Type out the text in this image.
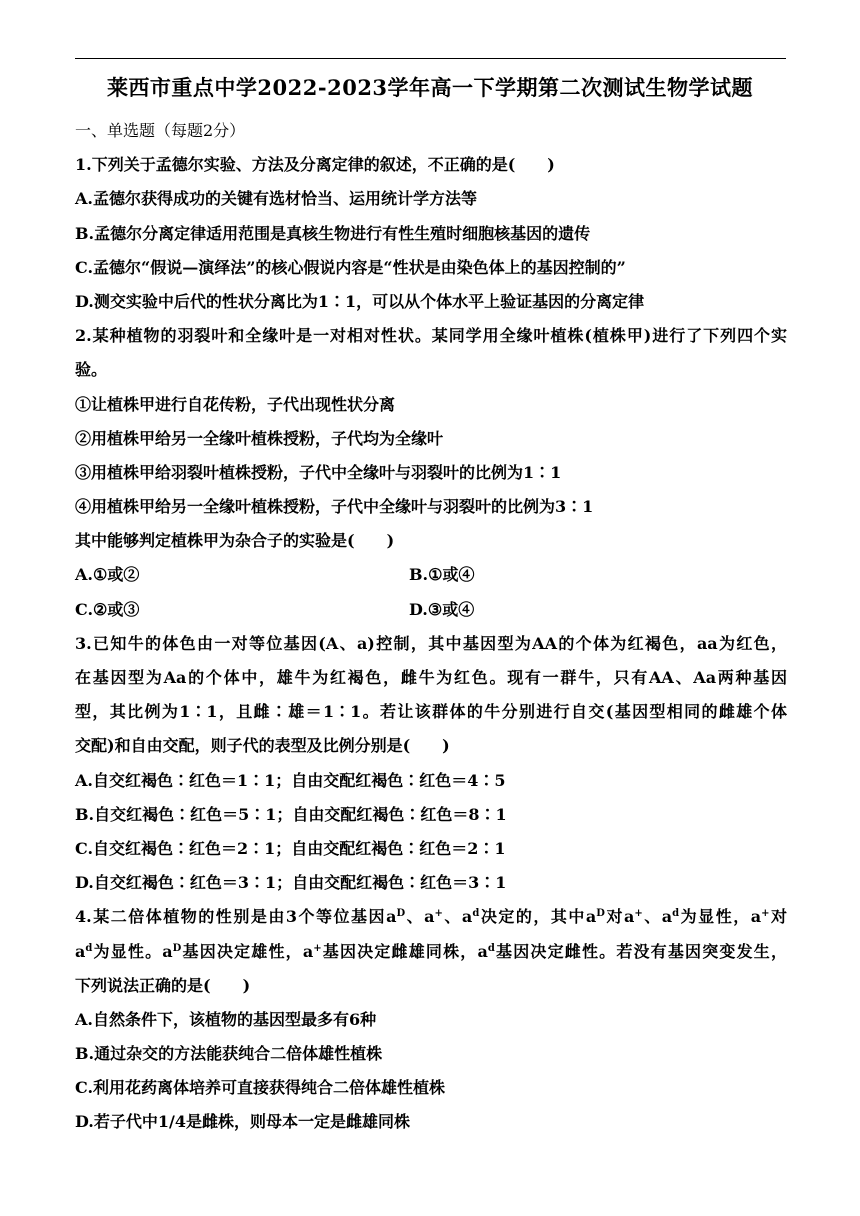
莱西市重点中学2022-2023学年高一下学期第二次测试生物学试题
一、单选题（每题2分）
1.下列关于孟德尔实验、方法及分离定律的叙述，不正确的是(　　)
A.孟德尔获得成功的关键有选材恰当、运用统计学方法等
B.孟德尔分离定律适用范围是真核生物进行有性生殖时细胞核基因的遗传
C.孟德尔“假说—演绎法”的核心假说内容是“性状是由染色体上的基因控制的”
D.测交实验中后代的性状分离比为1∶1，可以从个体水平上验证基因的分离定律
2.某种植物的羽裂叶和全缘叶是一对相对性状。某同学用全缘叶植株(植株甲)进行了下列四个实
验。
①让植株甲进行自花传粉，子代出现性状分离
②用植株甲给另一全缘叶植株授粉，子代均为全缘叶
③用植株甲给羽裂叶植株授粉，子代中全缘叶与羽裂叶的比例为1∶1
④用植株甲给另一全缘叶植株授粉，子代中全缘叶与羽裂叶的比例为3∶1
其中能够判定植株甲为杂合子的实验是(　　)
A.①或②	B.①或④
C.②或③	D.③或④
3.已知牛的体色由一对等位基因(A、a)控制，其中基因型为AA的个体为红褐色，aa为红色，
在基因型为Aa的个体中，雄牛为红褐色，雌牛为红色。现有一群牛，只有AA、Aa两种基因
型，其比例为1∶1，且雌∶雄＝1∶1。若让该群体的牛分别进行自交(基因型相同的雌雄个体
交配)和自由交配，则子代的表型及比例分别是(　　)
A.自交红褐色∶红色＝1∶1；自由交配红褐色∶红色＝4∶5
B.自交红褐色∶红色＝5∶1；自由交配红褐色∶红色＝8∶1
C.自交红褐色∶红色＝2∶1；自由交配红褐色∶红色＝2∶1
D.自交红褐色∶红色＝3∶1；自由交配红褐色∶红色＝3∶1
4.某二倍体植物的性别是由3个等位基因$a^D$、a+、$a^d$决定的，其中$a^D$对a+、$a^d$为显性，a+对
$a^d$为显性。$a^D$基因决定雄性，a+基因决定雌雄同株，$a^d$基因决定雌性。若没有基因突变发生，
下列说法正确的是(　　)
A.自然条件下，该植物的基因型最多有6种
B.通过杂交的方法能获纯合二倍体雄性植株
C.利用花药离体培养可直接获得纯合二倍体雄性植株
D.若子代中1/4是雌株，则母本一定是雌雄同株
